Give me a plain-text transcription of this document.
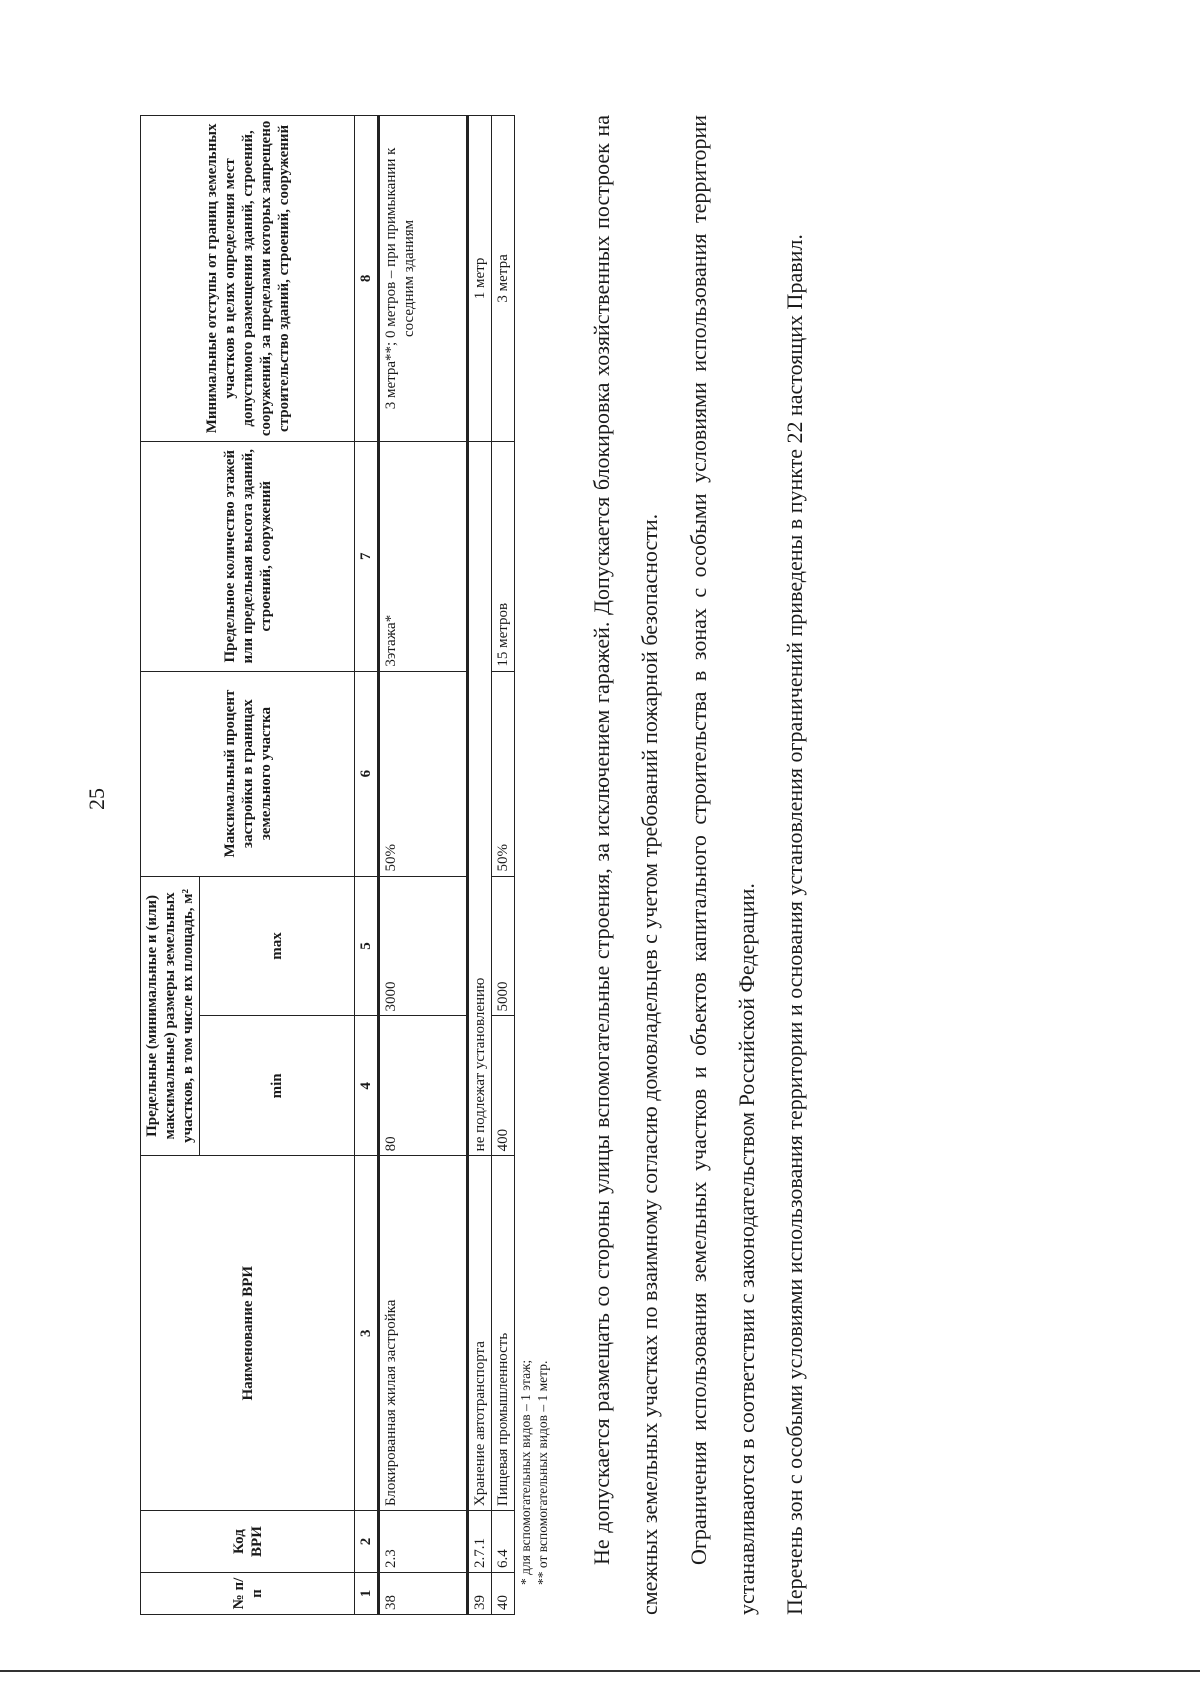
25
№ п/п	Код ВРИ	Наименование ВРИ	Предельные (минимальные и (или) максимальные) размеры земельных участков, в том числе их площадь, м²		Максимальный процент застройки в границах земельного участка	Предельное количество этажей или предельная высота зданий, строений, сооружений	Минимальные отступы от границ земельных участков в целях определения мест допустимого размещения зданий, строений, сооружений, за пределами которых запрещено строительство зданий, строений, сооружений
			min	max			
1	2	3	4	5	6	7	8
38	2.3	Блокированная жилая застройка	80	3000	50%	3этажа*	3 метра**; 0 метров – при примыкании к соседним зданиям
39	2.7.1	Хранение автотранспорта	не подлежат установлению				1 метр
40	6.4	Пищевая промышленность	400	5000	50%	15 метров	3 метра
* для вспомогательных видов – 1 этаж; ** от вспомогательных видов – 1 метр.	Не допускается размещать со стороны улицы вспомогательные строения, за исключением гаражей. Допускается блокировка хозяйственных построек на смежных земельных участках по взаимному согласию домовладельцев с учетом требований пожарной безопасности.	Ограничения использования земельных участков и объектов капитального строительства в зонах с особыми условиями использования территории устанавливаются в соответствии с законодательством Российской Федерации.	Перечень зон с особыми условиями использования территории и основания установления ограничений приведены в пункте 22 настоящих Правил.
